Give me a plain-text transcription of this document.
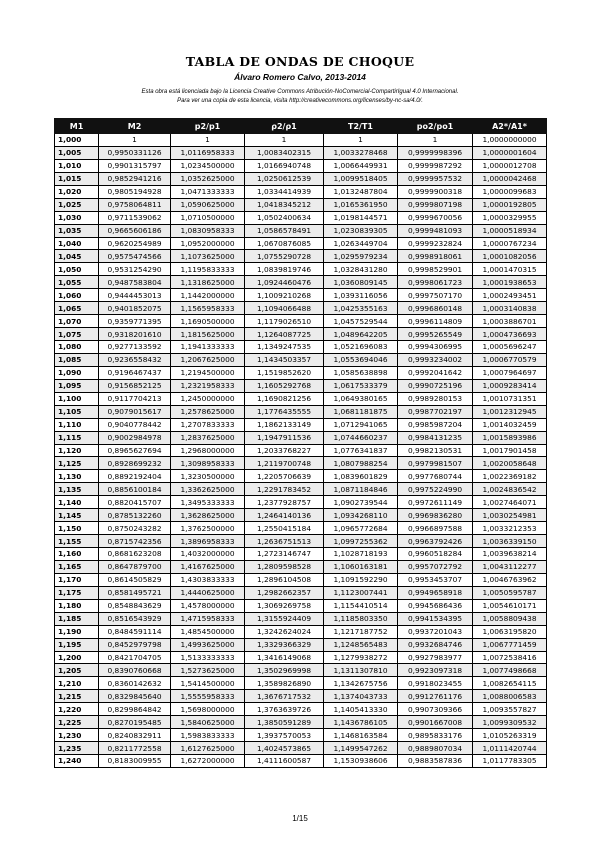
TABLA DE ONDAS DE CHOQUE
Álvaro Romero Calvo, 2013-2014
Esta obra está licenciada bajo la Licencia Creative Commons Atribución-NoComercial-CompartirIgual 4.0 Internacional.
Para ver una copia de esta licencia, visita http://creativecommons.org/licenses/by-nc-sa/4.0/.
M1	M2	p2/p1	ρ2/ρ1	T2/T1	po2/po1	A2*/A1*
1,000	1	1	1	1	1	1,0000000000
1,005	0,9950331126	1,0116958333	1,0083402315	1,0033278468	0,9999998396	1,0000001604
1,010	0,9901315797	1,0234500000	1,0166940748	1,0066449931	0,9999987292	1,0000012708
1,015	0,9852941216	1,0352625000	1,0250612539	1,0099518405	0,9999957532	1,0000042468
1,020	0,9805194928	1,0471333333	1,0334414939	1,0132487804	0,9999900318	1,0000099683
1,025	0,9758064811	1,0590625000	1,0418345212	1,0165361950	0,9999807198	1,0000192805
1,030	0,9711539062	1,0710500000	1,0502400634	1,0198144571	0,9999670056	1,0000329955
1,035	0,9665606186	1,0830958333	1,0586578491	1,0230839305	0,9999481093	1,0000518934
1,040	0,9620254989	1,0952000000	1,0670876085	1,0263449704	0,9999232824	1,0000767234
1,045	0,9575474566	1,1073625000	1,0755290728	1,0295979234	0,9998918061	1,0001082056
1,050	0,9531254290	1,1195833333	1,0839819746	1,0328431280	0,9998529901	1,0001470315
1,055	0,9487583804	1,1318625000	1,0924460476	1,0360809145	0,9998061723	1,0001938653
1,060	0,9444453013	1,1442000000	1,1009210268	1,0393116056	0,9997507170	1,0002493451
1,065	0,9401852075	1,1565958333	1,1094066488	1,0425355163	0,9996860148	1,0003140838
1,070	0,9359771395	1,1690500000	1,1179026510	1,0457529544	0,9996114809	1,0003886701
1,075	0,9318201610	1,1815625000	1,1264087725	1,0489642205	0,9995265549	1,0004736693
1,080	0,9277133592	1,1941333333	1,1349247535	1,0521696083	0,9994306995	1,0005696247
1,085	0,9236558432	1,2067625000	1,1434503357	1,0553694046	0,9993234002	1,0006770579
1,090	0,9196467437	1,2194500000	1,1519852620	1,0585638898	0,9992041642	1,0007964697
1,095	0,9156852125	1,2321958333	1,1605292768	1,0617533379	0,9990725196	1,0009283414
1,100	0,9117704213	1,2450000000	1,1690821256	1,0649380165	0,9989280153	1,0010731351
1,105	0,9079015617	1,2578625000	1,1776435555	1,0681181875	0,9987702197	1,0012312945
1,110	0,9040778442	1,2707833333	1,1862133149	1,0712941065	0,9985987204	1,0014032459
1,115	0,9002984978	1,2837625000	1,1947911536	1,0744660237	0,9984131235	1,0015893986
1,120	0,8965627694	1,2968000000	1,2033768227	1,0776341837	0,9982130531	1,0017901458
1,125	0,8928699232	1,3098958333	1,2119700748	1,0807988254	0,9979981507	1,0020058648
1,130	0,8892192404	1,3230500000	1,2205706639	1,0839601829	0,9977680744	1,0022369182
1,135	0,8856100184	1,3362625000	1,2291783452	1,0871184846	0,9975224990	1,0024836542
1,140	0,8820415707	1,3495333333	1,2377928757	1,0902739544	0,9972611149	1,0027464071
1,145	0,8785132260	1,3628625000	1,2464140136	1,0934268110	0,9969836280	1,0030254981
1,150	0,8750243282	1,3762500000	1,2550415184	1,0965772684	0,9966897588	1,0033212353
1,155	0,8715742356	1,3896958333	1,2636751513	1,0997255362	0,9963792426	1,0036339150
1,160	0,8681623208	1,4032000000	1,2723146747	1,1028718193	0,9960518284	1,0039638214
1,165	0,8647879700	1,4167625000	1,2809598528	1,1060163181	0,9957072792	1,0043112277
1,170	0,8614505829	1,4303833333	1,2896104508	1,1091592290	0,9953453707	1,0046763962
1,175	0,8581495721	1,4440625000	1,2982662357	1,1123007441	0,9949658918	1,0050595787
1,180	0,8548843629	1,4578000000	1,3069269758	1,1154410514	0,9945686436	1,0054610171
1,185	0,8516543929	1,4715958333	1,3155924409	1,1185803350	0,9941534395	1,0058809438
1,190	0,8484591114	1,4854500000	1,3242624024	1,1217187752	0,9937201043	1,0063195820
1,195	0,8452979798	1,4993625000	1,3329366329	1,1248565483	0,9932684746	1,0067771459
1,200	0,8421704705	1,5133333333	1,3416149068	1,1279938272	0,9927983977	1,0072538416
1,205	0,8390760668	1,5273625000	1,3502969998	1,1311307810	0,9923097318	1,0077498668
1,210	0,8360142632	1,5414500000	1,3589826890	1,1342675756	0,9918023455	1,0082654115
1,215	0,8329845640	1,5555958333	1,3676717532	1,1374043733	0,9912761176	1,0088006583
1,220	0,8299864842	1,5698000000	1,3763639726	1,1405413330	0,9907309366	1,0093557827
1,225	0,8270195485	1,5840625000	1,3850591289	1,1436786105	0,9901667008	1,0099309532
1,230	0,8240832911	1,5983833333	1,3937570053	1,1468163584	0,9895833176	1,0105263319
1,235	0,8211772558	1,6127625000	1,4024573865	1,1499547262	0,9889807034	1,0111420744
1,240	0,8183009955	1,6272000000	1,4111600587	1,1530938606	0,9883587836	1,0117783305
1/15
